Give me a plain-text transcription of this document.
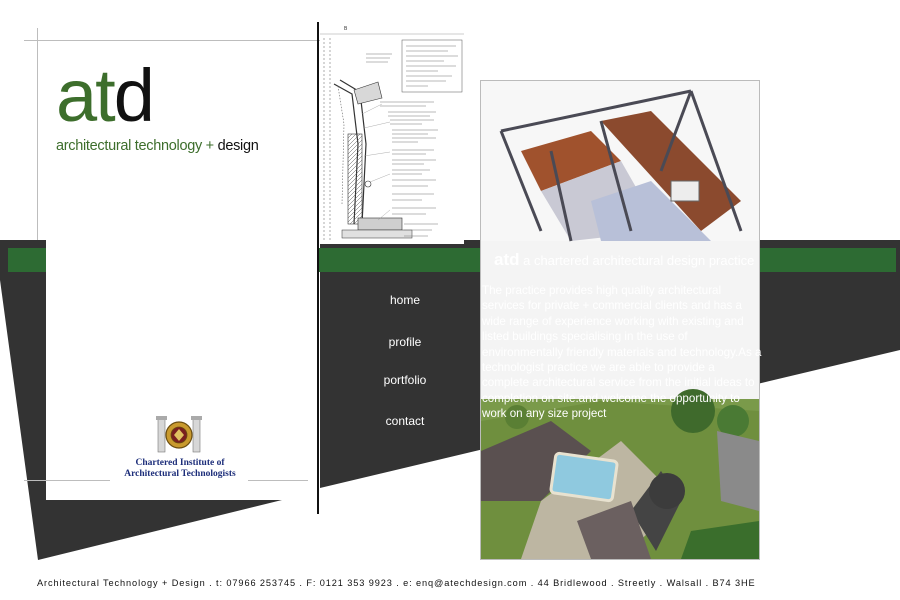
atd
architectural technology + design
B
atd a chartered architectural design practice
home
profile
portfolio
contact
The practice provides high quality architectural services for private + commercial clients and has a wide range of experience working with existing and listed buildings specialising in the use of environmentally friendly materials and technology.As a technologist practice we are able to provide a complete architectural service from the initial ideas to completion on site.and welcome the opportunity to work on any size project
Chartered Institute of
Architectural Technologists
Architectural Technology + Design . t: 07966 253745 . F: 0121 353 9923 . e: enq@atechdesign.com . 44 Bridlewood . Streetly . Walsall . B74 3HE
